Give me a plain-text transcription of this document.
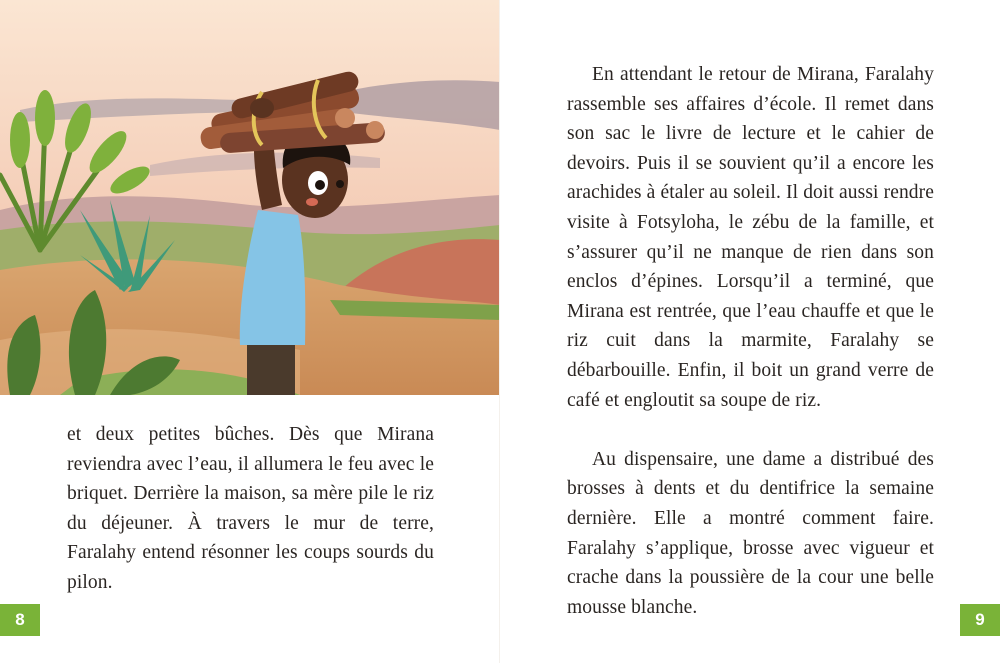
et deux petites bûches. Dès que Mirana reviendra avec l’eau, il allumera le feu avec le briquet. Derrière la maison, sa mère pile le riz du déjeuner. À travers le mur de terre, Faralahy entend résonner les coups sourds du pilon.

8

En attendant le retour de Mirana, Faralahy rassemble ses affaires d’école. Il remet dans son sac le livre de lecture et le cahier de devoirs. Puis il se souvient qu’il a encore les arachides à étaler au soleil. Il doit aussi rendre visite à Fotsyloha, le zébu de la famille, et s’assurer qu’il ne manque de rien dans son enclos d’épines. Lorsqu’il a terminé, que Mirana est rentrée, que l’eau chauffe et que le riz cuit dans la marmite, Faralahy se débarbouille. Enfin, il boit un grand verre de café et engloutit sa soupe de riz.

Au dispensaire, une dame a distribué des brosses à dents et du dentifrice la semaine dernière. Elle a montré comment faire. Faralahy s’applique, brosse avec vigueur et crache dans la poussière de la cour une belle mousse blanche.

9
